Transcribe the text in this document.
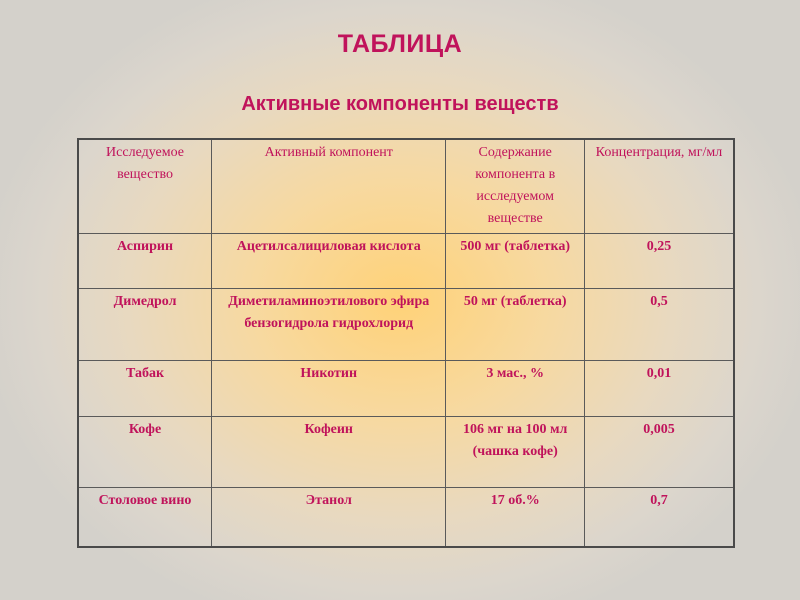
ТАБЛИЦА
Активные компоненты веществ
Исследуемое вещество	Активный компонент	Содержание компонента в исследуемом веществе	Концентрация, мг/мл
Аспирин	Ацетилсалициловая кислота	500 мг (таблетка)	0,25
Димедрол	Диметиламиноэтилового эфира бензогидрола гидрохлорид	50 мг (таблетка)	0,5
Табак	Никотин	3 мас., %	0,01
Кофе	Кофеин	106 мг на 100 мл (чашка кофе)	0,005
Столовое вино	Этанол	17 об.%	0,7
